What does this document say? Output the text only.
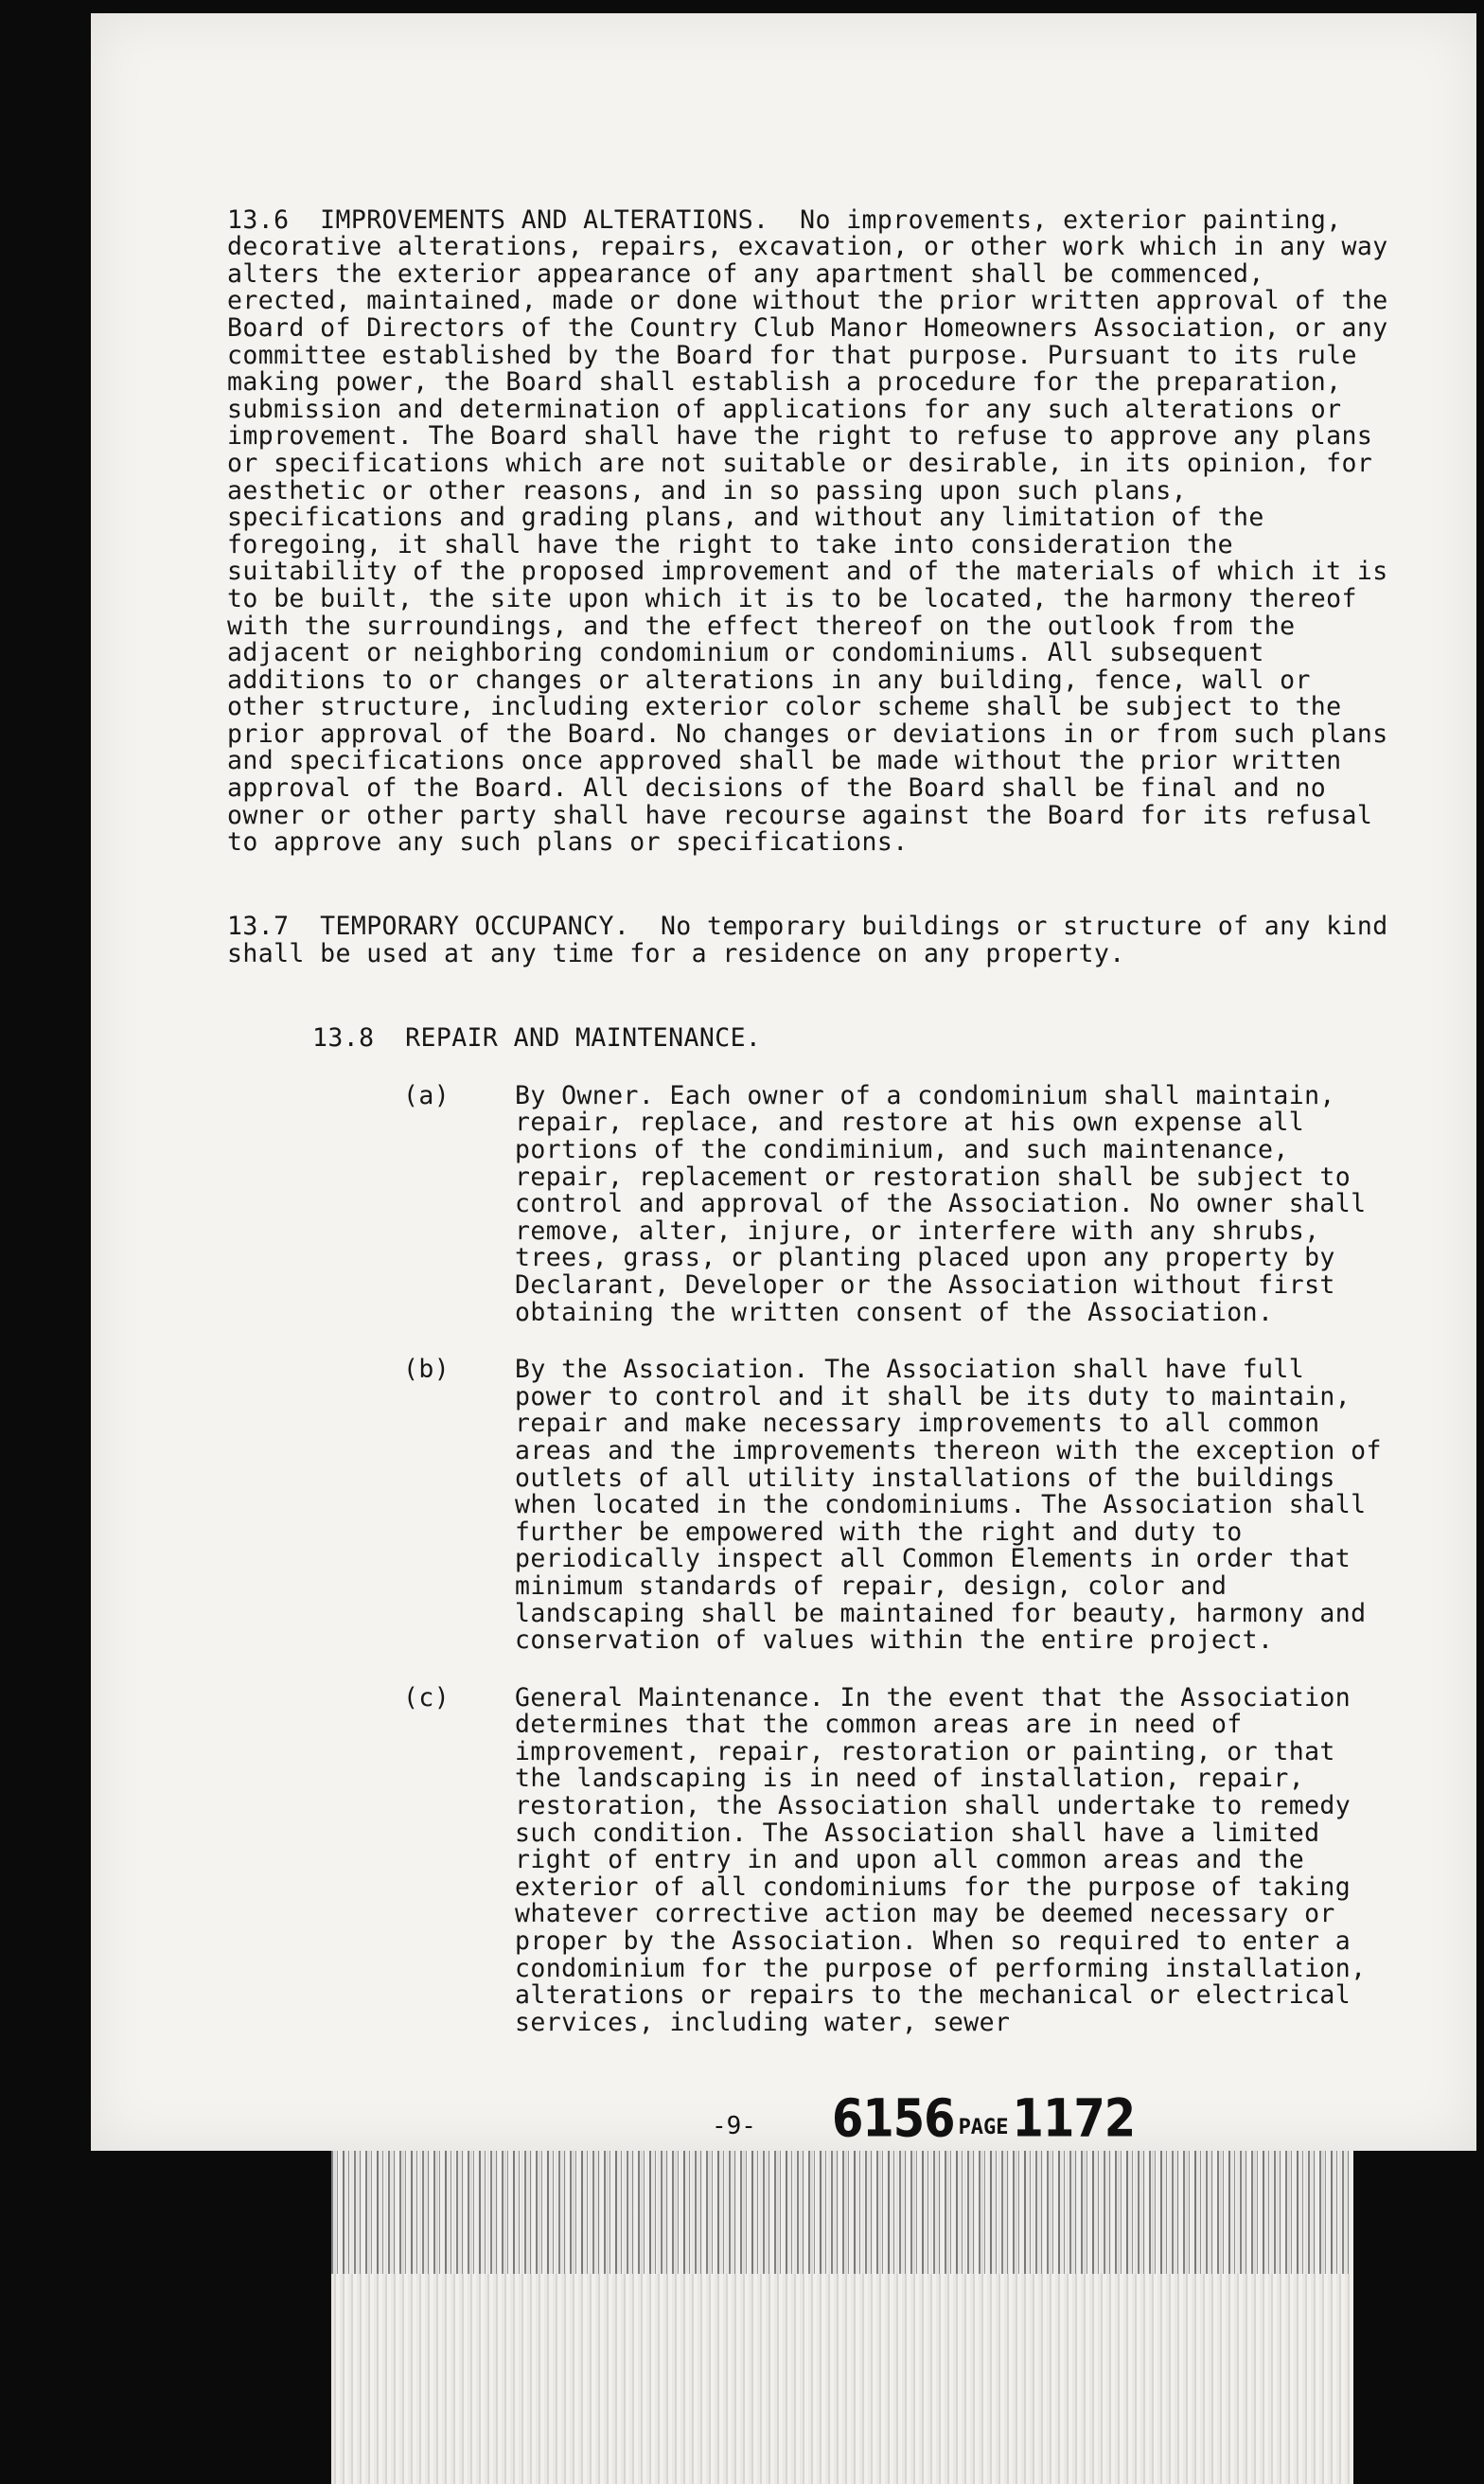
13.6 IMPROVEMENTS AND ALTERATIONS. No improvements, exterior painting, decorative alterations, repairs, excavation, or other work which in any way alters the exterior appearance of any apartment shall be commenced, erected, maintained, made or done without the prior written approval of the Board of Directors of the Country Club Manor Homeowners Association, or any committee established by the Board for that purpose. Pursuant to its rule making power, the Board shall establish a procedure for the preparation, submission and determination of applications for any such alterations or improvement. The Board shall have the right to refuse to approve any plans or specifications which are not suitable or desirable, in its opinion, for aesthetic or other reasons, and in so passing upon such plans, specifications and grading plans, and without any limitation of the foregoing, it shall have the right to take into consideration the suitability of the proposed improvement and of the materials of which it is to be built, the site upon which it is to be located, the harmony thereof with the surroundings, and the effect thereof on the outlook from the adjacent or neighboring condominium or condominiums. All subsequent additions to or changes or alterations in any building, fence, wall or other structure, including exterior color scheme shall be subject to the prior approval of the Board. No changes or deviations in or from such plans and specifications once approved shall be made without the prior written approval of the Board. All decisions of the Board shall be final and no owner or other party shall have recourse against the Board for its refusal to approve any such plans or specifications.

13.7 TEMPORARY OCCUPANCY. No temporary buildings or structure of any kind shall be used at any time for a residence on any property.

13.8 REPAIR AND MAINTENANCE.

(a)	By Owner. Each owner of a condominium shall maintain, repair, replace, and restore at his own expense all portions of the condiminium, and such maintenance, repair, replacement or restoration shall be subject to control and approval of the Association. No owner shall remove, alter, injure, or interfere with any shrubs, trees, grass, or planting placed upon any property by Declarant, Developer or the Association without first obtaining the written consent of the Association.
(b)	By the Association. The Association shall have full power to control and it shall be its duty to maintain, repair and make necessary improvements to all common areas and the improvements thereon with the exception of outlets of all utility installations of the buildings when located in the condominiums. The Association shall further be empowered with the right and duty to periodically inspect all Common Elements in order that minimum standards of repair, design, color and landscaping shall be maintained for beauty, harmony and conservation of values within the entire project.
(c)	General Maintenance. In the event that the Association determines that the common areas are in need of improvement, repair, restoration or painting, or that the landscaping is in need of installation, repair, restoration, the Association shall undertake to remedy such condition. The Association shall have a limited right of entry in and upon all common areas and the exterior of all condominiums for the purpose of taking whatever corrective action may be deemed necessary or proper by the Association. When so required to enter a condominium for the purpose of performing installation, alterations or repairs to the mechanical or electrical services, including water, sewer
-9- 6156 PAGE 1172
